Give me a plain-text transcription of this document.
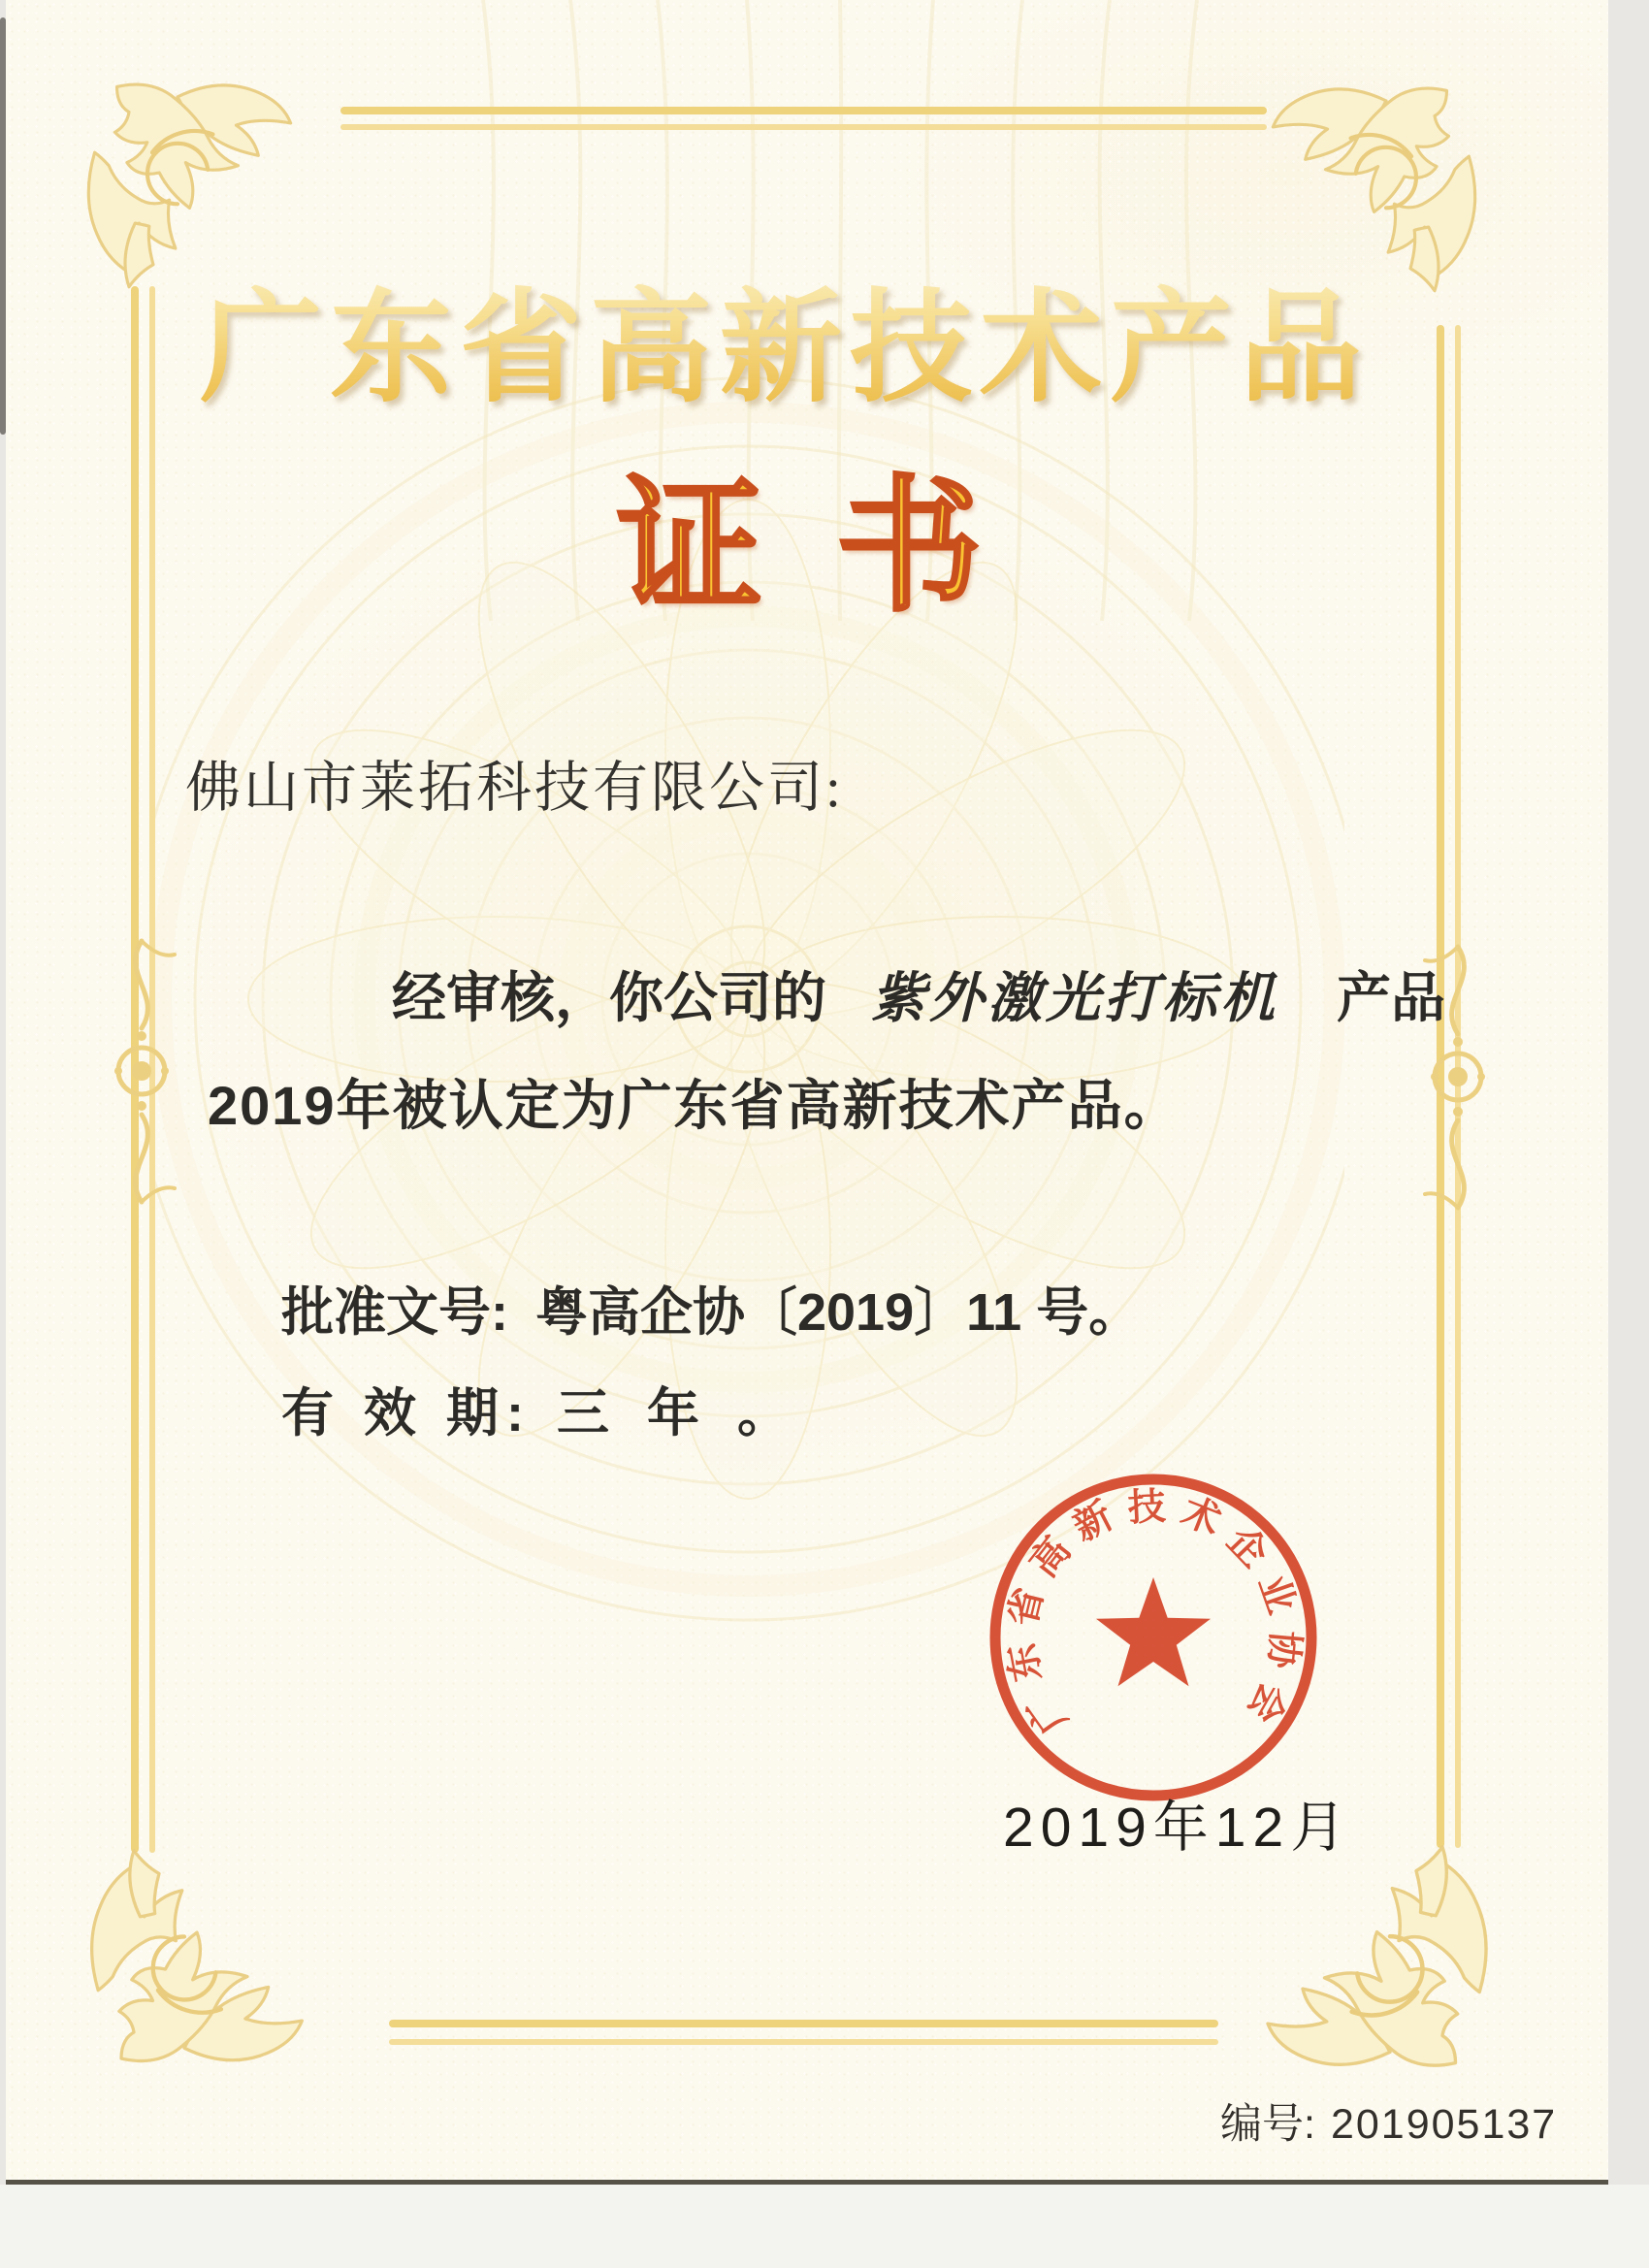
广东省高新技术产品
证书
佛山市莱拓科技有限公司:

经审核，你公司的 紫外激光打标机 产品

2019年被认定为广东省高新技术产品。

批准文号: 粤高企协〔2019〕11 号。

有 效 期: 三 年 。

广东省高新技术企业协会
2019年12月
编号: 201905137
